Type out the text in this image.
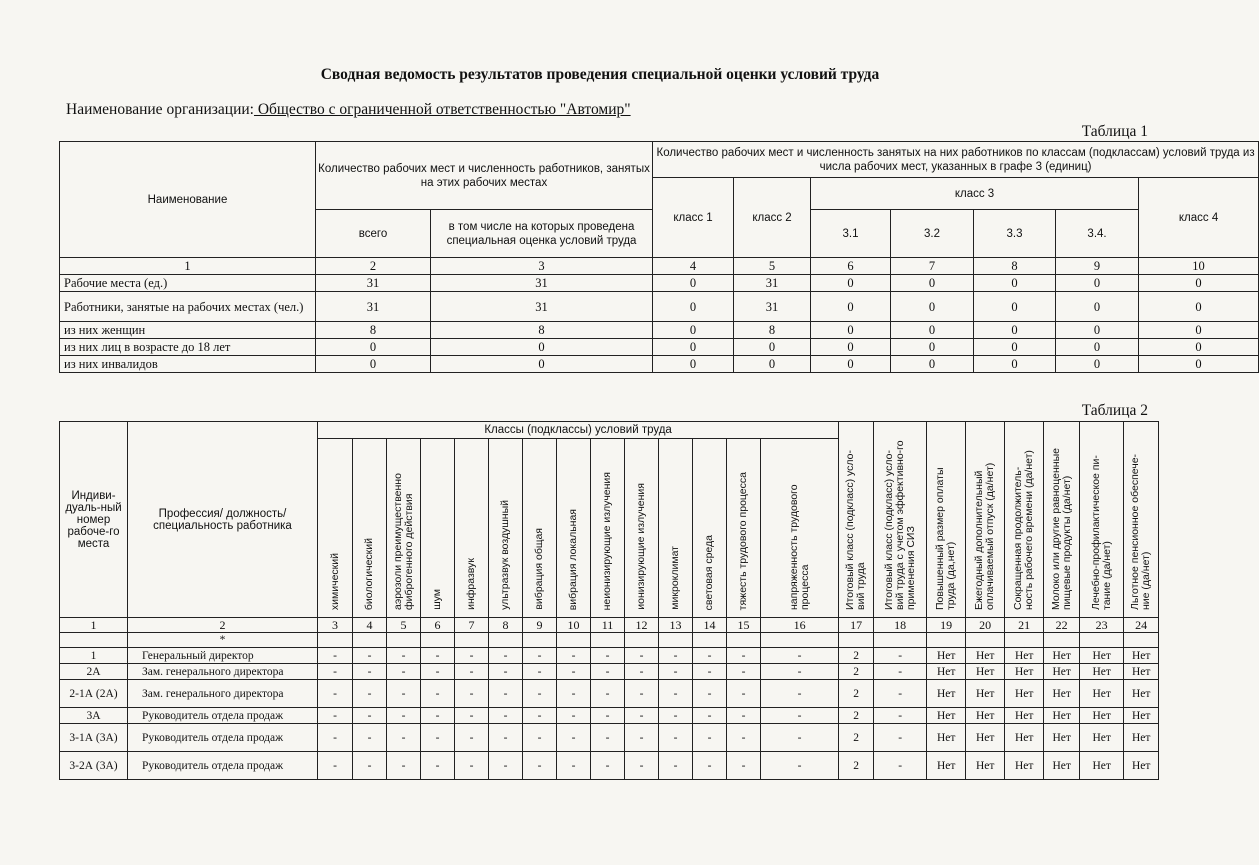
Сводная ведомость результатов проведения специальной оценки условий труда
Наименование организации: Общество с ограниченной ответственностью "Автомир"
Таблица 1
Наименование	Количество рабочих мест и численность работников, занятых на этих рабочих местах		Количество рабочих мест и численность занятых на них работников по классам (подклассам) условий труда из числа рабочих мест, указанных в графе 3 (единиц)						
			класс 1	класс 2	класс 3				класс 4
	всего	в том числе на которых проведена специальная оценка условий труда			3.1	3.2	3.3	3.4.	
1	2	3	4	5	6	7	8	9	10
Рабочие места (ед.)	31	31	0	31	0	0	0	0	0
Работники, занятые на рабочих местах (чел.)	31	31	0	31	0	0	0	0	0
из них женщин	8	8	0	8	0	0	0	0	0
из них лиц в возрасте до 18 лет	0	0	0	0	0	0	0	0	0
из них инвалидов	0	0	0	0	0	0	0	0	0
Таблица 2
Индиви-дуаль-ный номер рабоче-го места	Профессия/ должность/ специальность работника	Классы (подклассы) условий труда														Итоговый класс (подкласс) усло-вий труда	Итоговый класс (подкласс) усло-вий труда с учетом эффективно-го применения СИЗ	Повышенный размер оплаты труда (да,нет)	Ежегодный дополнительный оплачиваемый отпуск (да/нет)	Сокращенная продолжитель-ность рабочего времени (да/нет)	Молоко или другие равноценные пищевые продукты (да/нет)	Лечебно-профилактическое пи-тание (да/нет)	Льготное пенсионное обеспече-ние (да/нет)
		химический	биологический	аэрозоли преимущественно фиброгенного действия	шум	инфразвук	ультразвук воздушный	вибрация общая	вибрация локальная	неионизирующие излучения	ионизирующие излучения	микроклимат	световая среда	тяжесть трудового процесса	напряженность трудового процесса								
1	2	3	4	5	6	7	8	9	10	11	12	13	14	15	16	17	18	19	20	21	22	23	24
	*																						
1	Генеральный директор	-	-	-	-	-	-	-	-	-	-	-	-	-	-	2	-	Нет	Нет	Нет	Нет	Нет	Нет
2А	Зам. генерального директора	-	-	-	-	-	-	-	-	-	-	-	-	-	-	2	-	Нет	Нет	Нет	Нет	Нет	Нет
2-1А (2А)	Зам. генерального директора	-	-	-	-	-	-	-	-	-	-	-	-	-	-	2	-	Нет	Нет	Нет	Нет	Нет	Нет
3А	Руководитель отдела продаж	-	-	-	-	-	-	-	-	-	-	-	-	-	-	2	-	Нет	Нет	Нет	Нет	Нет	Нет
3-1А (3А)	Руководитель отдела продаж	-	-	-	-	-	-	-	-	-	-	-	-	-	-	2	-	Нет	Нет	Нет	Нет	Нет	Нет
3-2А (3А)	Руководитель отдела продаж	-	-	-	-	-	-	-	-	-	-	-	-	-	-	2	-	Нет	Нет	Нет	Нет	Нет	Нет
